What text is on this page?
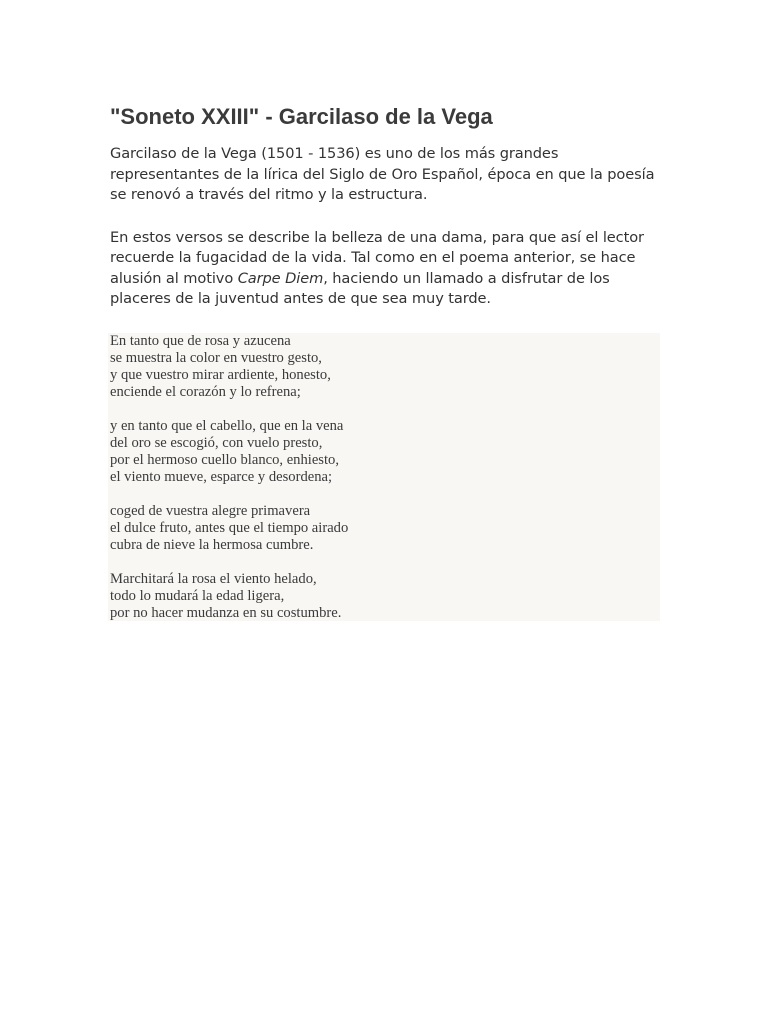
"Soneto XXIII" - Garcilaso de la Vega

Garcilaso de la Vega (1501 - 1536) es uno de los más grandes representantes de la lírica del Siglo de Oro Español, época en que la poesía se renovó a través del ritmo y la estructura.

En estos versos se describe la belleza de una dama, para que así el lector recuerde la fugacidad de la vida. Tal como en el poema anterior, se hace alusión al motivo Carpe Diem, haciendo un llamado a disfrutar de los placeres de la juventud antes de que sea muy tarde.

En tanto que de rosa y azucena
se muestra la color en vuestro gesto,
y que vuestro mirar ardiente, honesto,
enciende el corazón y lo refrena;
y en tanto que el cabello, que en la vena
del oro se escogió, con vuelo presto,
por el hermoso cuello blanco, enhiesto,
el viento mueve, esparce y desordena;
coged de vuestra alegre primavera
el dulce fruto, antes que el tiempo airado
cubra de nieve la hermosa cumbre.
Marchitará la rosa el viento helado,
todo lo mudará la edad ligera,
por no hacer mudanza en su costumbre.
